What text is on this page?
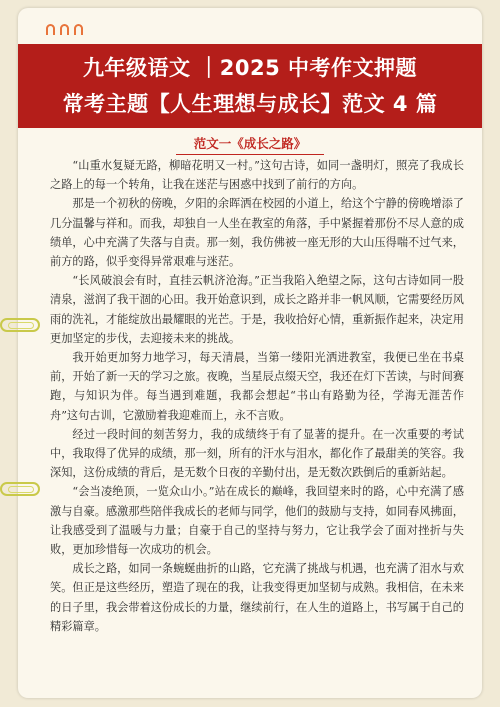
九年级语文 ｜2025 中考作文押题
常考主题【人生理想与成长】范文 4 篇
范文一《成长之路》

“山重水复疑无路，柳暗花明又一村。”这句古诗，如同一盏明灯，照亮了我成长之路上的每一个转角，让我在迷茫与困惑中找到了前行的方向。

那是一个初秋的傍晚，夕阳的余晖洒在校园的小道上，给这个宁静的傍晚增添了几分温馨与祥和。而我，却独自一人坐在教室的角落，手中紧握着那份不尽人意的成绩单，心中充满了失落与自责。那一刻，我仿佛被一座无形的大山压得喘不过气来，前方的路，似乎变得异常艰难与迷茫。

“长风破浪会有时，直挂云帆济沧海。”正当我陷入绝望之际，这句古诗如同一股清泉，滋润了我干涸的心田。我开始意识到，成长之路并非一帆风顺，它需要经历风雨的洗礼，才能绽放出最耀眼的光芒。于是，我收拾好心情，重新振作起来，决定用更加坚定的步伐，去迎接未来的挑战。

我开始更加努力地学习，每天清晨，当第一缕阳光洒进教室，我便已坐在书桌前，开始了新一天的学习之旅。夜晚，当星辰点缀天空，我还在灯下苦读，与时间赛跑，与知识为伴。每当遇到难题，我都会想起“书山有路勤为径，学海无涯苦作舟”这句古训，它激励着我迎难而上，永不言败。

经过一段时间的刻苦努力，我的成绩终于有了显著的提升。在一次重要的考试中，我取得了优异的成绩，那一刻，所有的汗水与泪水，都化作了最甜美的笑容。我深知，这份成绩的背后，是无数个日夜的辛勤付出，是无数次跌倒后的重新站起。

“会当凌绝顶，一览众山小。”站在成长的巅峰，我回望来时的路，心中充满了感激与自豪。感激那些陪伴我成长的老师与同学，他们的鼓励与支持，如同春风拂面，让我感受到了温暖与力量；自豪于自己的坚持与努力，它让我学会了面对挫折与失败，更加珍惜每一次成功的机会。

成长之路，如同一条蜿蜒曲折的山路，它充满了挑战与机遇，也充满了泪水与欢笑。但正是这些经历，塑造了现在的我，让我变得更加坚韧与成熟。我相信，在未来的日子里，我会带着这份成长的力量，继续前行，在人生的道路上，书写属于自己的精彩篇章。
